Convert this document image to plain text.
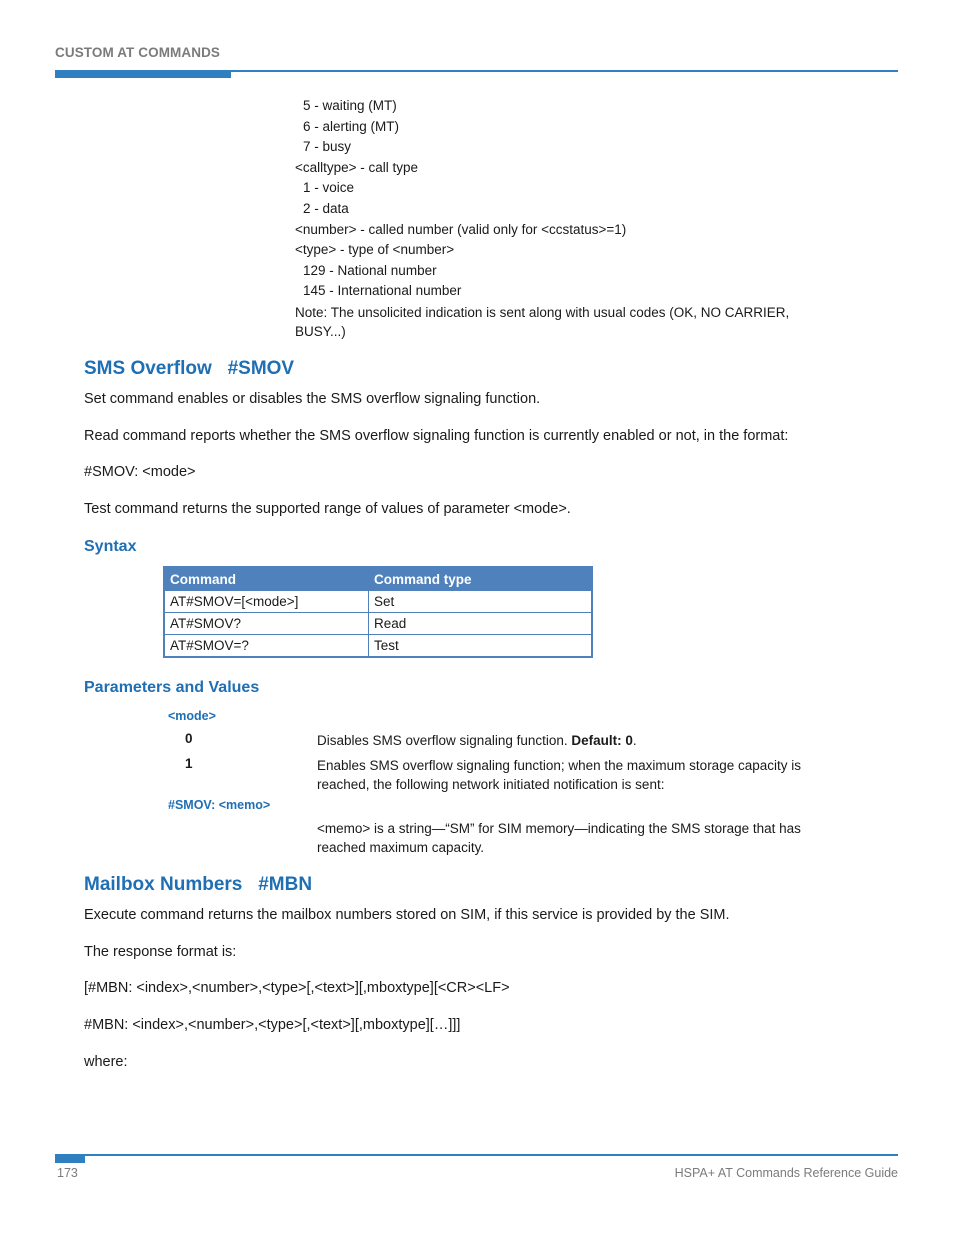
CUSTOM AT COMMANDS
5 - waiting (MT)
6 - alerting (MT)
7 - busy
<calltype> - call type
1 - voice
2 - data
<number> - called number (valid only for <ccstatus>=1)
<type> - type of <number>
129 - National number
145 - International number
Note: The unsolicited indication is sent along with usual codes (OK, NO CARRIER, BUSY...)
SMS Overflow   #SMOV
Set command enables or disables the SMS overflow signaling function.
Read command reports whether the SMS overflow signaling function is currently enabled or not, in the format:
#SMOV: <mode>
Test command returns the supported range of values of parameter <mode>.
Syntax
Command	Command type
AT#SMOV=[<mode>]	Set
AT#SMOV?	Read
AT#SMOV=?	Test
Parameters and Values
<mode>
0	Disables SMS overflow signaling function. Default: 0.
1	Enables SMS overflow signaling function; when the maximum storage capacity is reached, the following network initiated notification is sent:
#SMOV: <memo>
<memo> is a string—“SM” for SIM memory—indicating the SMS storage that has reached maximum capacity.
Mailbox Numbers   #MBN
Execute command returns the mailbox numbers stored on SIM, if this service is provided by the SIM.
The response format is:
[#MBN: <index>,<number>,<type>[,<text>][,mboxtype][<CR><LF>
#MBN: <index>,<number>,<type>[,<text>][,mboxtype][…]]]
where:
173	HSPA+ AT Commands Reference Guide
